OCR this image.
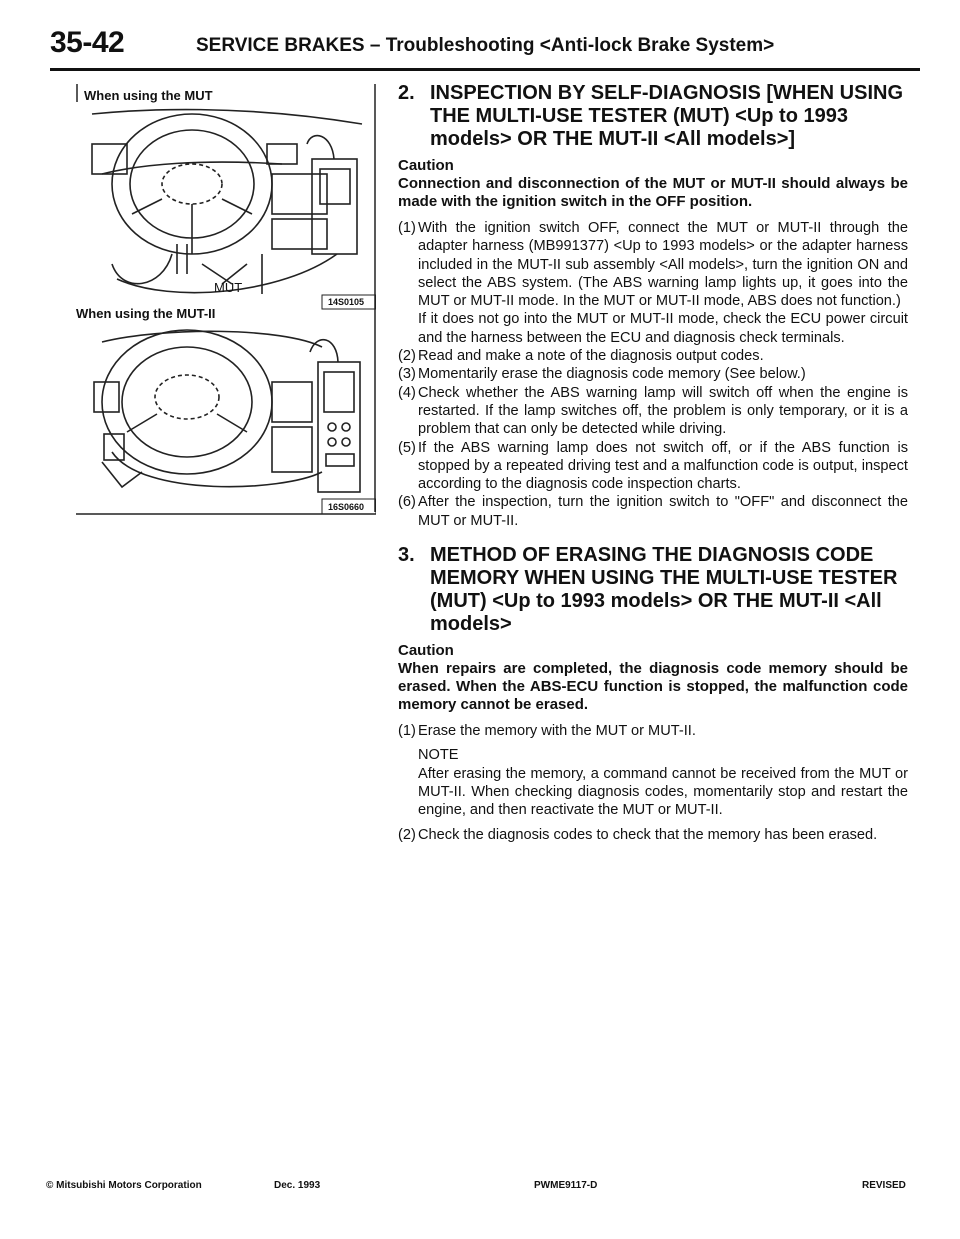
35-42	SERVICE BRAKES – Troubleshooting <Anti-lock Brake System>
When using the MUT
MUT
14S0105
When using the MUT-II
16S0660
2. INSPECTION BY SELF-DIAGNOSIS [WHEN USING THE MULTI-USE TESTER (MUT) <Up to 1993 models> OR THE MUT-II <All models>]
Caution
Connection and disconnection of the MUT or MUT-II should always be made with the ignition switch in the OFF position.
(1) With the ignition switch OFF, connect the MUT or MUT-II through the adapter harness (MB991377) <Up to 1993 models> or the adapter harness included in the MUT-II sub assembly <All models>, turn the ignition ON and select the ABS system. (The ABS warning lamp lights up, it goes into the MUT or MUT-II mode. In the MUT or MUT-II mode, ABS does not function.)
If it does not go into the MUT or MUT-II mode, check the ECU power circuit and the harness between the ECU and diagnosis check terminals.
(2) Read and make a note of the diagnosis output codes.
(3) Momentarily erase the diagnosis code memory (See below.)
(4) Check whether the ABS warning lamp will switch off when the engine is restarted. If the lamp switches off, the problem is only temporary, or it is a problem that can only be detected while driving.
(5) If the ABS warning lamp does not switch off, or if the ABS function is stopped by a repeated driving test and a malfunction code is output, inspect according to the diagnosis code inspection charts.
(6) After the inspection, turn the ignition switch to "OFF" and disconnect the MUT or MUT-II.
3. METHOD OF ERASING THE DIAGNOSIS CODE MEMORY WHEN USING THE MULTI-USE TESTER (MUT) <Up to 1993 models> OR THE MUT-II <All models>
Caution
When repairs are completed, the diagnosis code memory should be erased. When the ABS-ECU function is stopped, the malfunction code memory cannot be erased.
(1) Erase the memory with the MUT or MUT-II.
NOTE
After erasing the memory, a command cannot be received from the MUT or MUT-II. When checking diagnosis codes, momentarily stop and restart the engine, and then reactivate the MUT or MUT-II.
(2) Check the diagnosis codes to check that the memory has been erased.
© Mitsubishi Motors Corporation	Dec. 1993	PWME9117-D	REVISED
